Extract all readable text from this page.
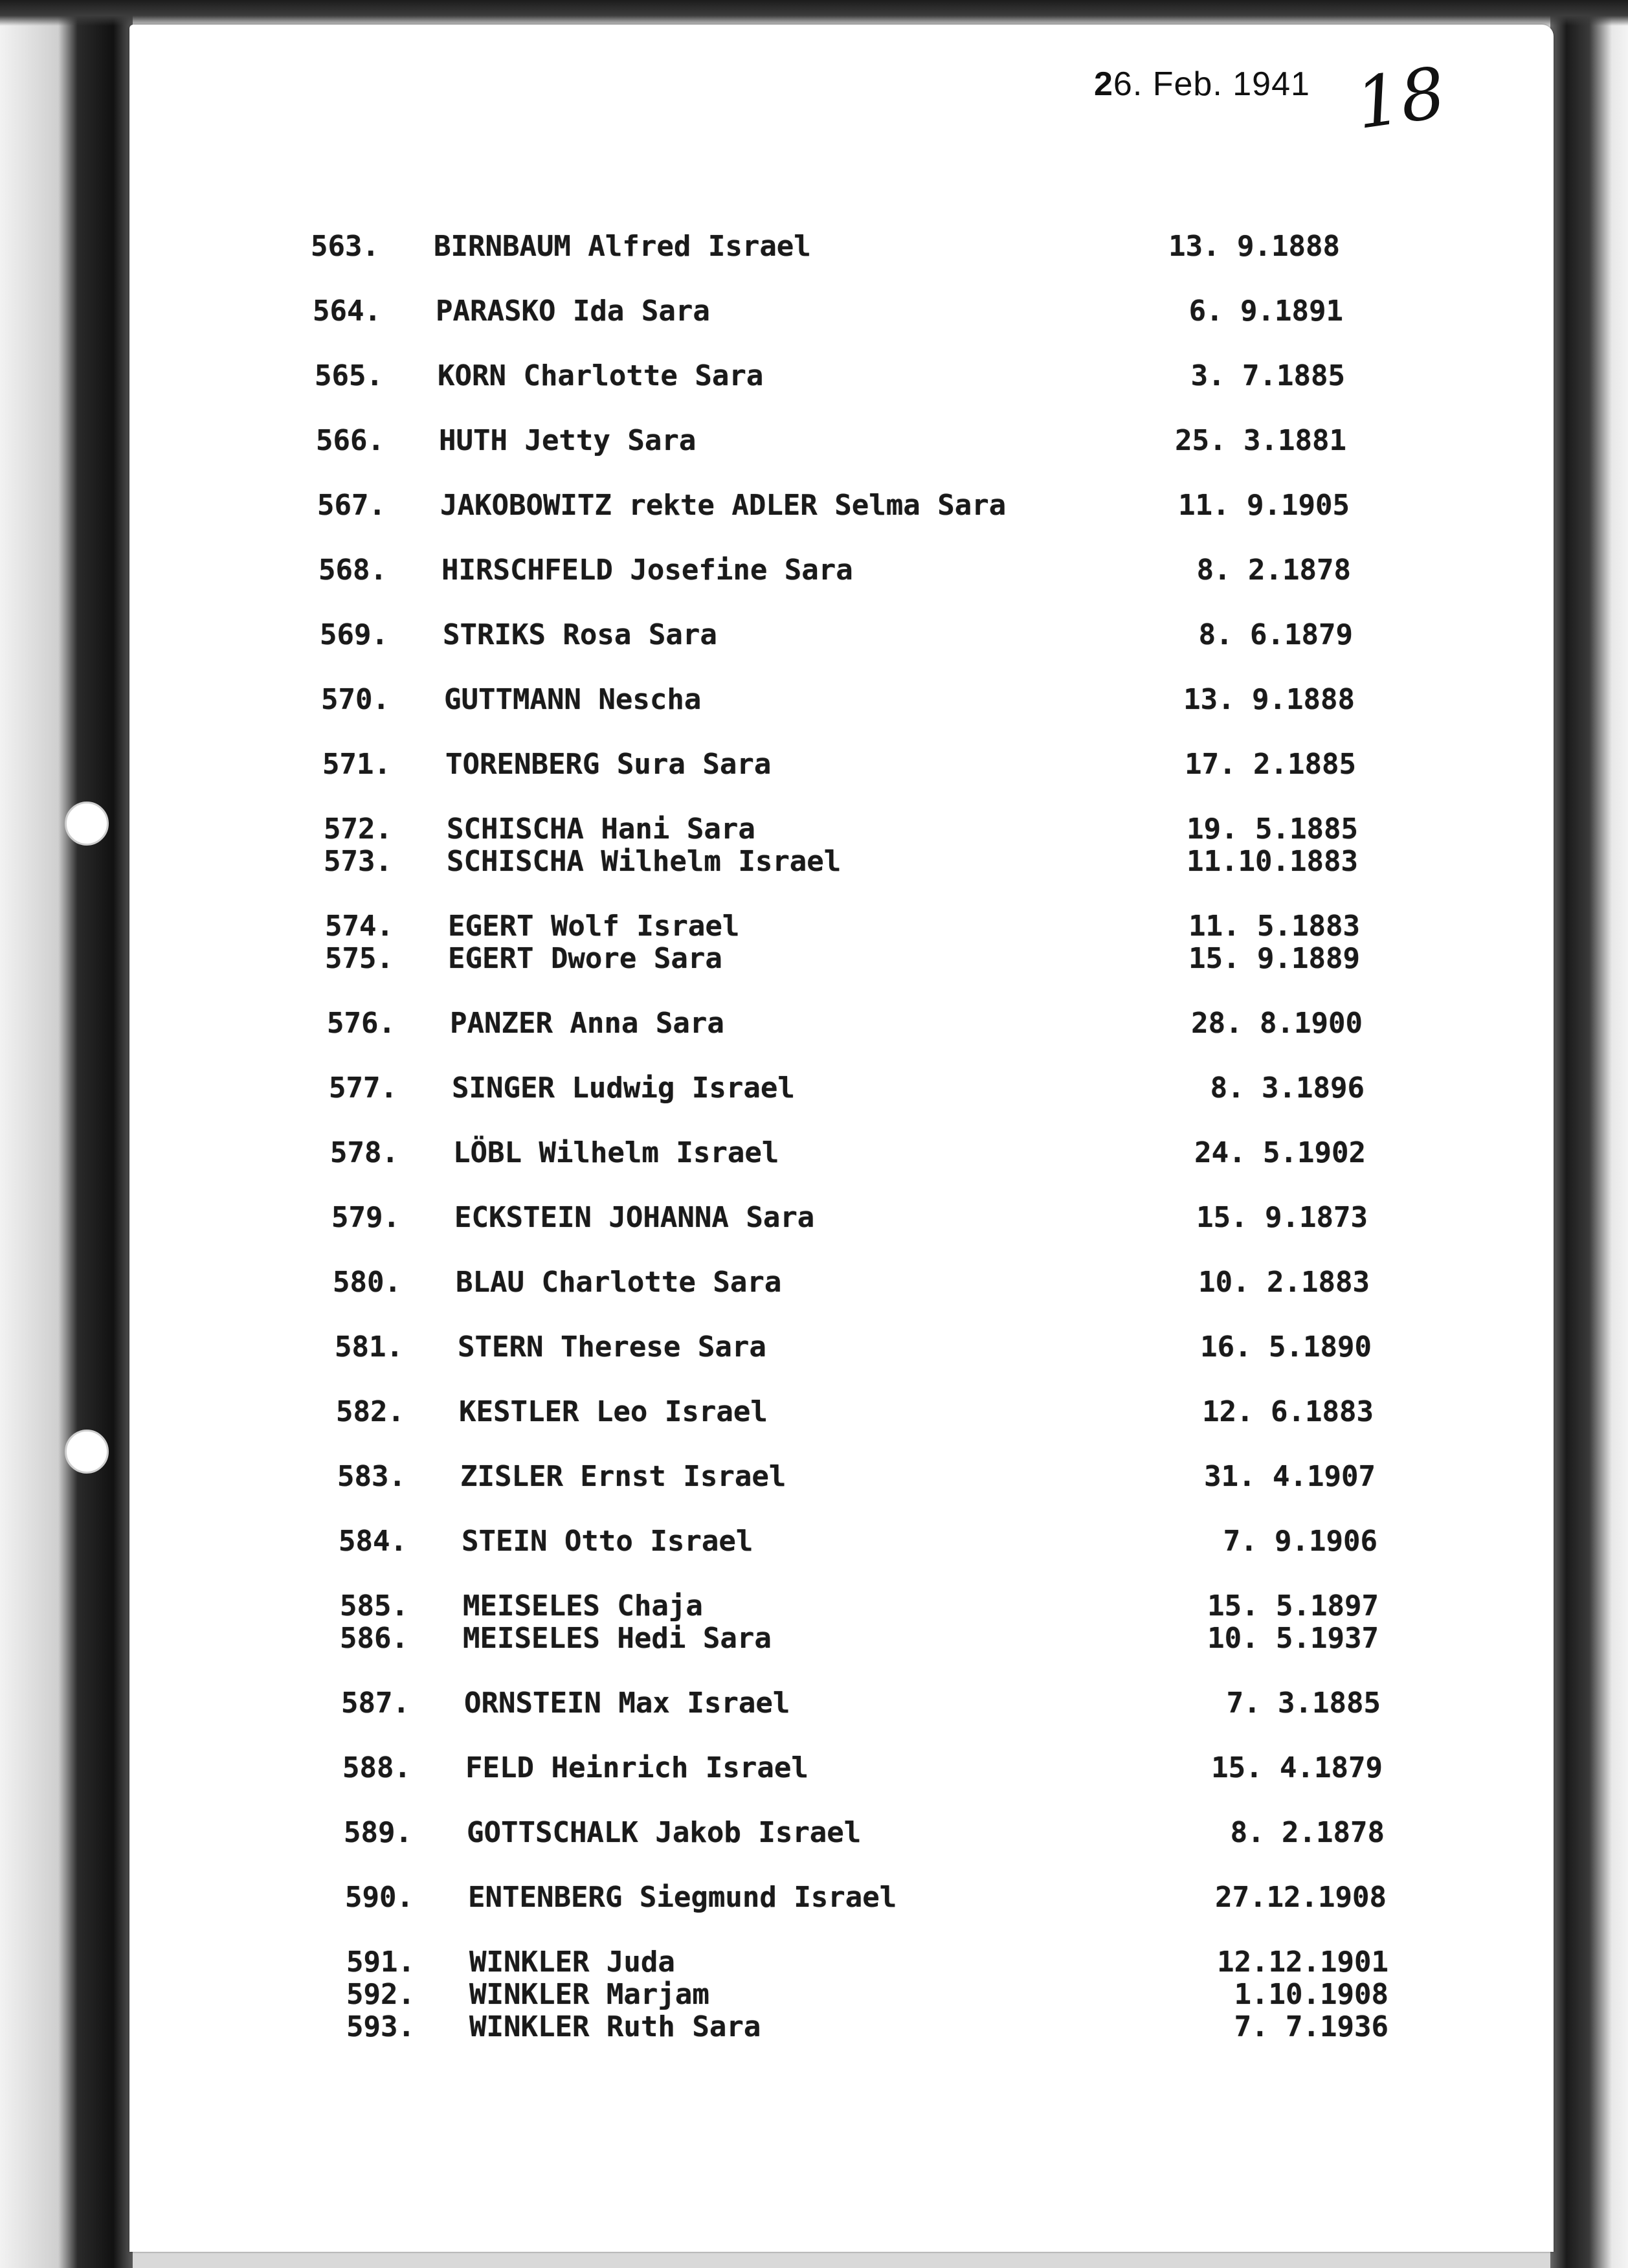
26. Feb. 1941 18
563.	BIRNBAUM Alfred Israel	13. 9.1888
564.	PARASKO Ida Sara	6. 9.1891
565.	KORN Charlotte Sara	3. 7.1885
566.	HUTH Jetty Sara	25. 3.1881
567.	JAKOBOWITZ rekte ADLER Selma Sara	11. 9.1905
568.	HIRSCHFELD Josefine Sara	8. 2.1878
569.	STRIKS Rosa Sara	8. 6.1879
570.	GUTTMANN Nescha	13. 9.1888
571.	TORENBERG Sura Sara	17. 2.1885
572.	SCHISCHA Hani Sara	19. 5.1885
573.	SCHISCHA Wilhelm Israel	11.10.1883
574.	EGERT Wolf Israel	11. 5.1883
575.	EGERT Dwore Sara	15. 9.1889
576.	PANZER Anna Sara	28. 8.1900
577.	SINGER Ludwig Israel	8. 3.1896
578.	LÖBL Wilhelm Israel	24. 5.1902
579.	ECKSTEIN JOHANNA Sara	15. 9.1873
580.	BLAU Charlotte Sara	10. 2.1883
581.	STERN Therese Sara	16. 5.1890
582.	KESTLER Leo Israel	12. 6.1883
583.	ZISLER Ernst Israel	31. 4.1907
584.	STEIN Otto Israel	7. 9.1906
585.	MEISELES Chaja	15. 5.1897
586.	MEISELES Hedi Sara	10. 5.1937
587.	ORNSTEIN Max Israel	7. 3.1885
588.	FELD Heinrich Israel	15. 4.1879
589.	GOTTSCHALK Jakob Israel	8. 2.1878
590.	ENTENBERG Siegmund Israel	27.12.1908
591.	WINKLER Juda	12.12.1901
592.	WINKLER Marjam	1.10.1908
593.	WINKLER Ruth Sara	7. 7.1936
